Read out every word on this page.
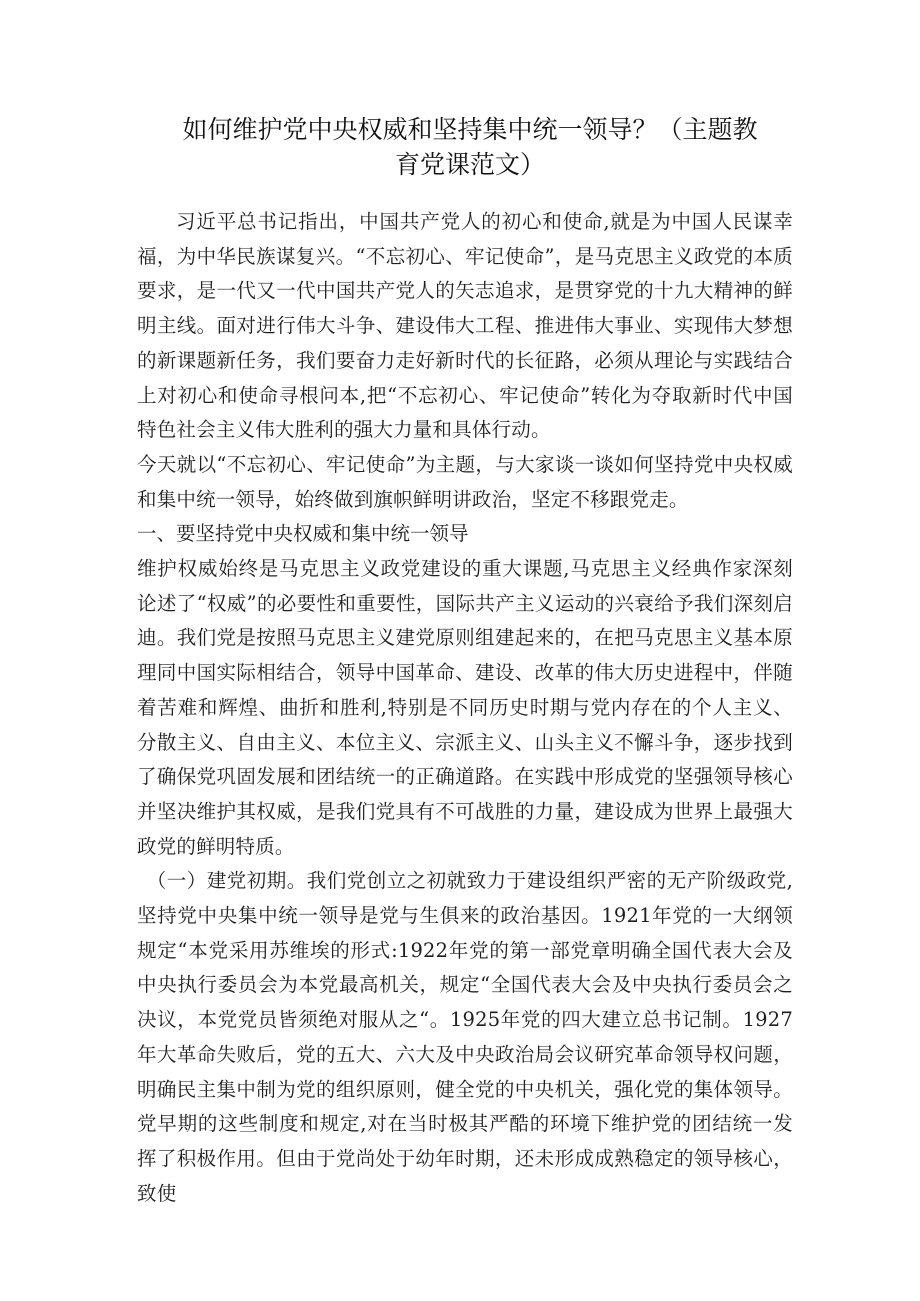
如何维护党中央权威和坚持集中统一领导？（主题教
育党课范文）

习近平总书记指出，中国共产党人的初心和使命,就是为中国人民谋幸福，为中华民族谋复兴。“不忘初心、牢记使命”，是马克思主义政党的本质要求，是一代又一代中国共产党人的矢志追求，是贯穿党的十九大精神的鲜明主线。面对进行伟大斗争、建设伟大工程、推进伟大事业、实现伟大梦想的新课题新任务，我们要奋力走好新时代的长征路，必须从理论与实践结合上对初心和使命寻根问本,把“不忘初心、牢记使命”转化为夺取新时代中国特色社会主义伟大胜利的强大力量和具体行动。

今天就以“不忘初心、牢记使命”为主题，与大家谈一谈如何坚持党中央权威和集中统一领导，始终做到旗帜鲜明讲政治，坚定不移跟党走。

一、要坚持党中央权威和集中统一领导

维护权威始终是马克思主义政党建设的重大课题,马克思主义经典作家深刻论述了“权威”的必要性和重要性，国际共产主义运动的兴衰给予我们深刻启迪。我们党是按照马克思主义建党原则组建起来的，在把马克思主义基本原理同中国实际相结合，领导中国革命、建设、改革的伟大历史进程中，伴随着苦难和辉煌、曲折和胜利,特别是不同历史时期与党内存在的个人主义、分散主义、自由主义、本位主义、宗派主义、山头主义不懈斗争，逐步找到了确保党巩固发展和团结统一的正确道路。在实践中形成党的坚强领导核心并坚决维护其权威，是我们党具有不可战胜的力量，建设成为世界上最强大政党的鲜明特质。

（一）建党初期。我们党创立之初就致力于建设组织严密的无产阶级政党,坚持党中央集中统一领导是党与生俱来的政治基因。1921年党的一大纲领规定“本党采用苏维埃的形式:1922年党的第一部党章明确全国代表大会及中央执行委员会为本党最高机关，规定“全国代表大会及中央执行委员会之决议，本党党员皆须绝对服从之“。1925年党的四大建立总书记制。1927年大革命失败后，党的五大、六大及中央政治局会议研究革命领导权问题，明确民主集中制为党的组织原则，健全党的中央机关，强化党的集体领导。党早期的这些制度和规定,对在当时极其严酷的环境下维护党的团结统一发挥了积极作用。但由于党尚处于幼年时期，还未形成成熟稳定的领导核心，致使
